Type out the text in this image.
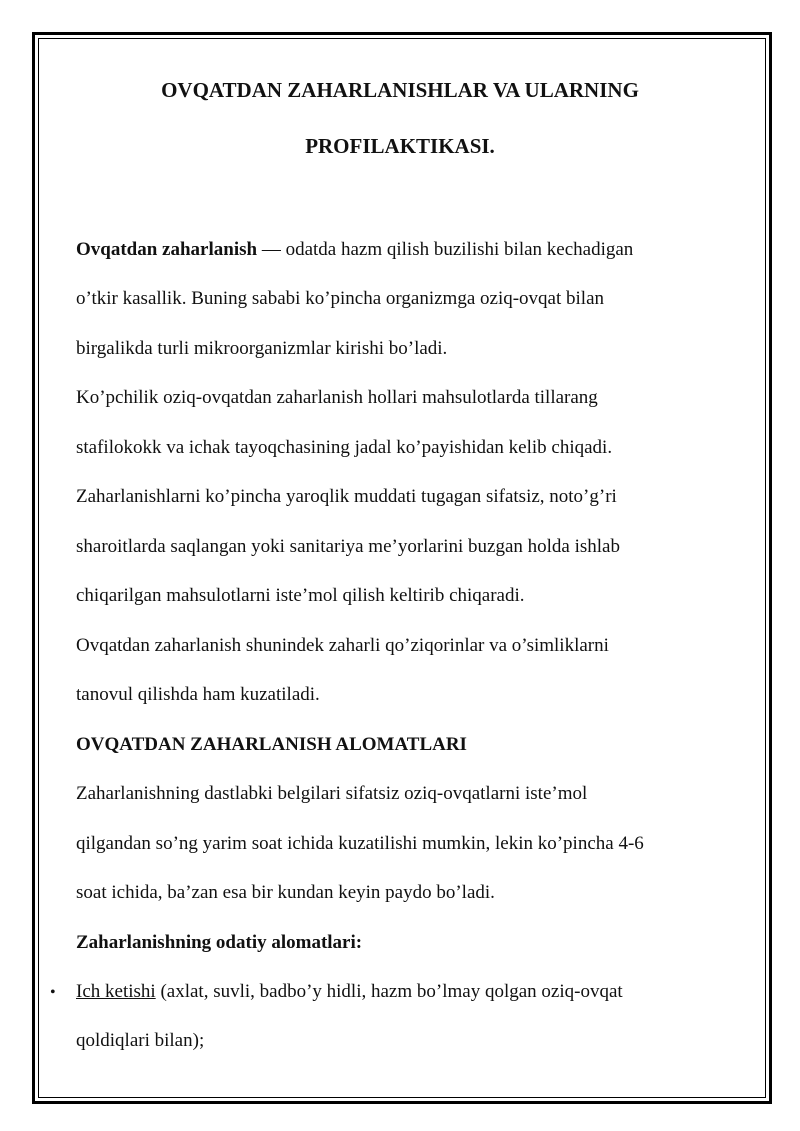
OVQATDAN ZAHARLANISHLAR VA ULARNING
PROFILAKTIKASI.

Ovqatdan zaharlanish — odatda hazm qilish buzilishi bilan kechadigan

o’tkir kasallik. Buning sababi ko’pincha organizmga oziq-ovqat bilan

birgalikda turli mikroorganizmlar kirishi bo’ladi.

Ko’pchilik oziq-ovqatdan zaharlanish hollari mahsulotlarda tillarang

stafilokokk va ichak tayoqchasining jadal ko’payishidan kelib chiqadi.

Zaharlanishlarni ko’pincha yaroqlik muddati tugagan sifatsiz, noto’g’ri

sharoitlarda saqlangan yoki sanitariya me’yorlarini buzgan holda ishlab

chiqarilgan mahsulotlarni iste’mol qilish keltirib chiqaradi.

Ovqatdan zaharlanish shunindek zaharli qo’ziqorinlar va o’simliklarni

tanovul qilishda ham kuzatiladi.

OVQATDAN ZAHARLANISH ALOMATLARI

Zaharlanishning dastlabki belgilari sifatsiz oziq-ovqatlarni iste’mol

qilgandan so’ng yarim soat ichida kuzatilishi mumkin, lekin ko’pincha 4-6

soat ichida, ba’zan esa bir kundan keyin paydo bo’ladi.

Zaharlanishning odatiy alomatlari:

• Ich ketishi (axlat, suvli, badbo’y hidli, hazm bo’lmay qolgan oziq-ovqat

qoldiqlari bilan);
